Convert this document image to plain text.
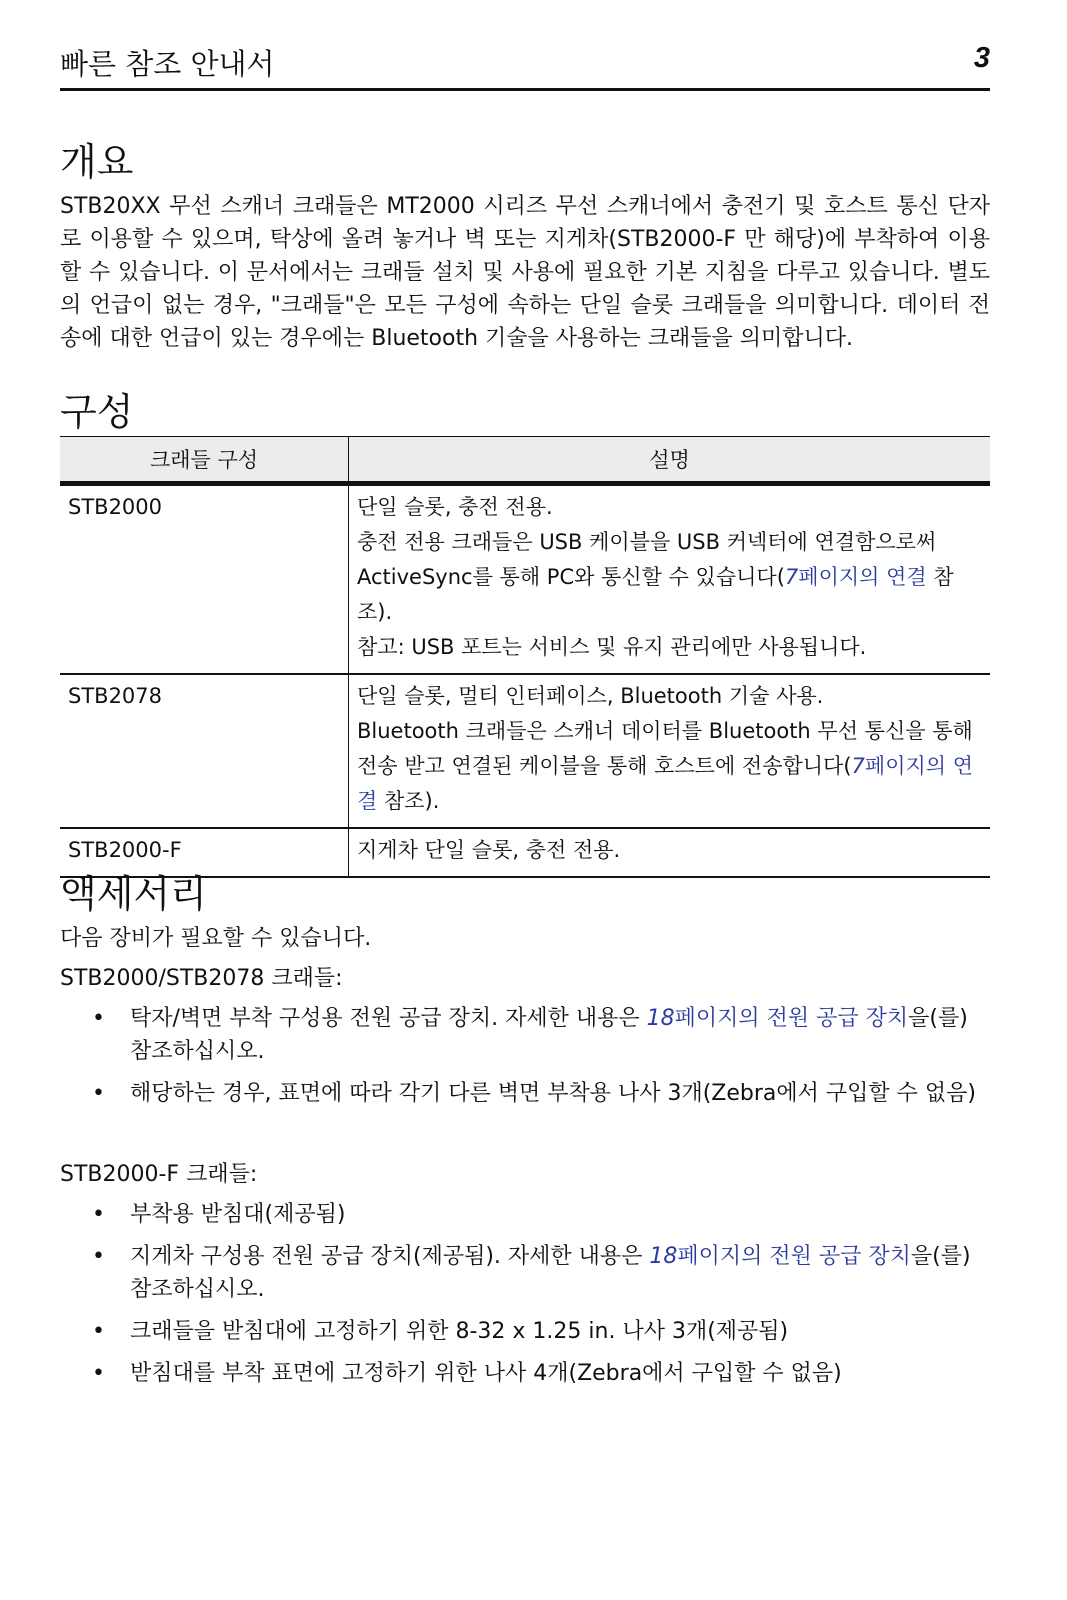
빠른 참조 안내서	3
개요

STB20XX 무선 스캐너 크래들은 MT2000 시리즈 무선 스캐너에서 충전기 및 호스트 통신 단자로 이용할 수 있으며, 탁상에 올려 놓거나 벽 또는 지게차(STB2000-F 만 해당)에 부착하여 이용할 수 있습니다. 이 문서에서는 크래들 설치 및 사용에 필요한 기본 지침을 다루고 있습니다. 별도의 언급이 없는 경우, "크래들"은 모든 구성에 속하는 단일 슬롯 크래들을 의미합니다. 데이터 전송에 대한 언급이 있는 경우에는 Bluetooth 기술을 사용하는 크래들을 의미합니다.

구성
크래들 구성	설명
STB2000	단일 슬롯, 충전 전용.
충전 전용 크래들은 USB 케이블을 USB 커넥터에 연결함으로써 ActiveSync를 통해 PC와 통신할 수 있습니다(7페이지의 연결 참조).
참고: USB 포트는 서비스 및 유지 관리에만 사용됩니다.

STB2078	단일 슬롯, 멀티 인터페이스, Bluetooth 기술 사용.
Bluetooth 크래들은 스캐너 데이터를 Bluetooth 무선 통신을 통해 전송 받고 연결된 케이블을 통해 호스트에 전송합니다(7페이지의 연결 참조).

STB2000-F	지게차 단일 슬롯, 충전 전용.
액세서리

다음 장비가 필요할 수 있습니다.

STB2000/STB2078 크래들:

• 탁자/벽면 부착 구성용 전원 공급 장치. 자세한 내용은 18페이지의 전원 공급 장치을(를) 참조하십시오.
• 해당하는 경우, 표면에 따라 각기 다른 벽면 부착용 나사 3개(Zebra에서 구입할 수 없음)

STB2000-F 크래들:

• 부착용 받침대(제공됨)
• 지게차 구성용 전원 공급 장치(제공됨). 자세한 내용은 18페이지의 전원 공급 장치을(를) 참조하십시오.
• 크래들을 받침대에 고정하기 위한 8-32 x 1.25 in. 나사 3개(제공됨)
• 받침대를 부착 표면에 고정하기 위한 나사 4개(Zebra에서 구입할 수 없음)
